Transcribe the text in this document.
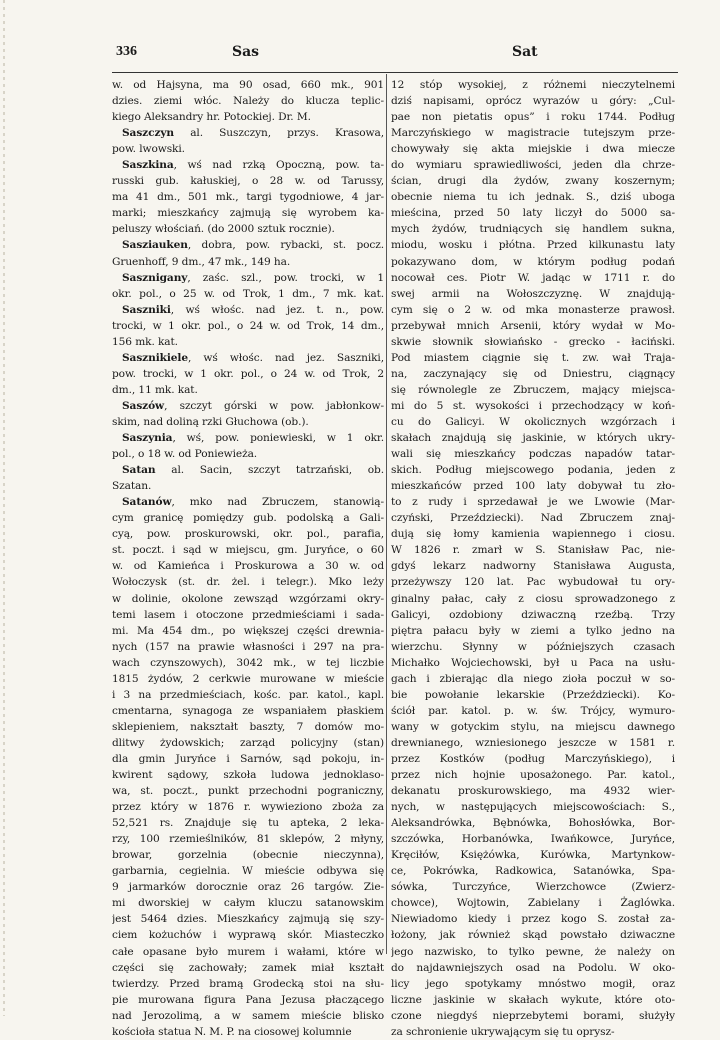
336	Sas	Sat
w. od Hajsyna, ma 90 osad, 660 mk., 901
dzies. ziemi włóc. Należy do klucza teplic-
kiego Aleksandry hr. Potockiej. Dr. M.
Saszczyn al. Suszczyn, przys. Krasowa,
pow. lwowski.
Saszkina, wś nad rzką Opoczną, pow. ta-
russki gub. kałuskiej, o 28 w. od Tarussy,
ma 41 dm., 501 mk., targi tygodniowe, 4 jar-
marki; mieszkańcy zajmują się wyrobem ka-
peluszy włościań. (do 2000 sztuk rocznie).
Sasziauken, dobra, pow. rybacki, st. pocz.
Gruenhoff, 9 dm., 47 mk., 149 ha.
Sasznigany, zaśc. szl., pow. trocki, w 1
okr. pol., o 25 w. od Trok, 1 dm., 7 mk. kat.
Saszniki, wś włośc. nad jez. t. n., pow.
trocki, w 1 okr. pol., o 24 w. od Trok, 14 dm.,
156 mk. kat.
Sasznikiele, wś włośc. nad jez. Saszniki,
pow. trocki, w 1 okr. pol., o 24 w. od Trok, 2
dm., 11 mk. kat.
Saszów, szczyt górski w pow. jabłonkow-
skim, nad doliną rzki Głuchowa (ob.).
Saszynia, wś, pow. poniewieski, w 1 okr.
pol., o 18 w. od Poniewieża.
Satan al. Sacin, szczyt tatrzański, ob.
Szatan.
Satanów, mko nad Zbruczem, stanowią-
cym granicę pomiędzy gub. podolską a Gali-
cyą, pow. proskurowski, okr. pol., parafia,
st. poczt. i sąd w miejscu, gm. Juryńce, o 60
w. od Kamieńca i Proskurowa a 30 w. od
Wołoczysk (st. dr. żel. i telegr.). Mko leży
w dolinie, okolone zewsząd wzgórzami okry-
temi lasem i otoczone przedmieściami i sada-
mi. Ma 454 dm., po większej części drewnia-
nych (157 na prawie własności i 297 na pra-
wach czynszowych), 3042 mk., w tej liczbie
1815 żydów, 2 cerkwie murowane w mieście
i 3 na przedmieściach, kośc. par. katol., kapl.
cmentarna, synagoga ze wspaniałem płaskiem
sklepieniem, nakształt baszty, 7 domów mo-
dlitwy żydowskich; zarząd policyjny (stan)
dla gmin Juryńce i Sarnów, sąd pokoju, in-
kwirent sądowy, szkoła ludowa jednoklaso-
wa, st. poczt., punkt przechodni pograniczny,
przez który w 1876 r. wywieziono zboża za
52,521 rs. Znajduje się tu apteka, 2 leka-
rzy, 100 rzemieślników, 81 sklepów, 2 młyny,
browar, gorzelnia (obecnie nieczynna),
garbarnia, cegielnia. W mieście odbywa się
9 jarmarków dorocznie oraz 26 targów. Zie-
mi dworskiej w całym kluczu satanowskim
jest 5464 dzies. Mieszkańcy zajmują się szy-
ciem kożuchów i wyprawą skór. Miasteczko
całe opasane było murem i wałami, które w
części się zachowały; zamek miał kształt
twierdzy. Przed bramą Grodecką stoi na słu-
pie murowana figura Pana Jezusa płaczącego
nad Jerozolimą, a w samem mieście blisko
kościoła statua N. M. P. na ciosowej kolumnie
12 stóp wysokiej, z różnemi nieczytelnemi
dziś napisami, oprócz wyrazów u góry: „Cul-
pae non pietatis opus” i roku 1744. Podług
Marczyńskiego w magistracie tutejszym prze-
chowywały się akta miejskie i dwa miecze
do wymiaru sprawiedliwości, jeden dla chrze-
ścian, drugi dla żydów, zwany koszernym;
obecnie niema tu ich jednak. S., dziś uboga
mieścina, przed 50 laty liczył do 5000 sa-
mych żydów, trudniących się handlem sukna,
miodu, wosku i płótna. Przed kilkunastu laty
pokazywano dom, w którym podług podań
nocował ces. Piotr W. jadąc w 1711 r. do
swej armii na Wołoszczyznę. W znajdują-
cym się o 2 w. od mka monasterze prawosł.
przebywał mnich Arsenii, który wydał w Mo-
skwie słownik słowiańsko - grecko - łaciński.
Pod miastem ciągnie się t. zw. wał Traja-
na, zaczynający się od Dniestru, ciągnący
się równolegle ze Zbruczem, mający miejsca-
mi do 5 st. wysokości i przechodzący w koń-
cu do Galicyi. W okolicznych wzgórzach i
skałach znajdują się jaskinie, w których ukry-
wali się mieszkańcy podczas napadów tatar-
skich. Podług miejscowego podania, jeden z
mieszkańców przed 100 laty dobywał tu zło-
to z rudy i sprzedawał je we Lwowie (Mar-
czyński, Przeździecki). Nad Zbruczem znaj-
dują się łomy kamienia wapiennego i ciosu.
W 1826 r. zmarł w S. Stanisław Pac, nie-
gdyś lekarz nadworny Stanisława Augusta,
przeżywszy 120 lat. Pac wybudował tu ory-
ginalny pałac, cały z ciosu sprowadzonego z
Galicyi, ozdobiony dziwaczną rzeźbą. Trzy
piętra pałacu były w ziemi a tylko jedno na
wierzchu. Słynny w późniejszych czasach
Michałko Wojciechowski, był u Paca na usłu-
gach i zbierając dla niego zioła poczuł w so-
bie powołanie lekarskie (Przeździecki). Ko-
ściół par. katol. p. w. św. Trójcy, wymuro-
wany w gotyckim stylu, na miejscu dawnego
drewnianego, wzniesionego jeszcze w 1581 r.
przez Kostków (podług Marczyńskiego), i
przez nich hojnie uposażonego. Par. katol.,
dekanatu proskurowskiego, ma 4932 wier-
nych, w następujących miejscowościach: S.,
Aleksandrówka, Bębnówka, Bohosłówka, Bor-
szczówka, Horbanówka, Iwańkowce, Juryńce,
Kręciłów, Księżówka, Kurówka, Martynkow-
ce, Pokrówka, Radkowica, Satanówka, Spa-
sówka, Turczyńce, Wierzchowce (Zwierz-
chowce), Wojtowin, Zabielany i Żaglówka.
Niewiadomo kiedy i przez kogo S. został za-
łożony, jak również skąd powstało dziwaczne
jego nazwisko, to tylko pewne, że należy on
do najdawniejszych osad na Podolu. W oko-
licy jego spotykamy mnóstwo mogił, oraz
liczne jaskinie w skałach wykute, które oto-
czone niegdyś nieprzebytemi borami, służyły
za schronienie ukrywającym się tu oprysz-
